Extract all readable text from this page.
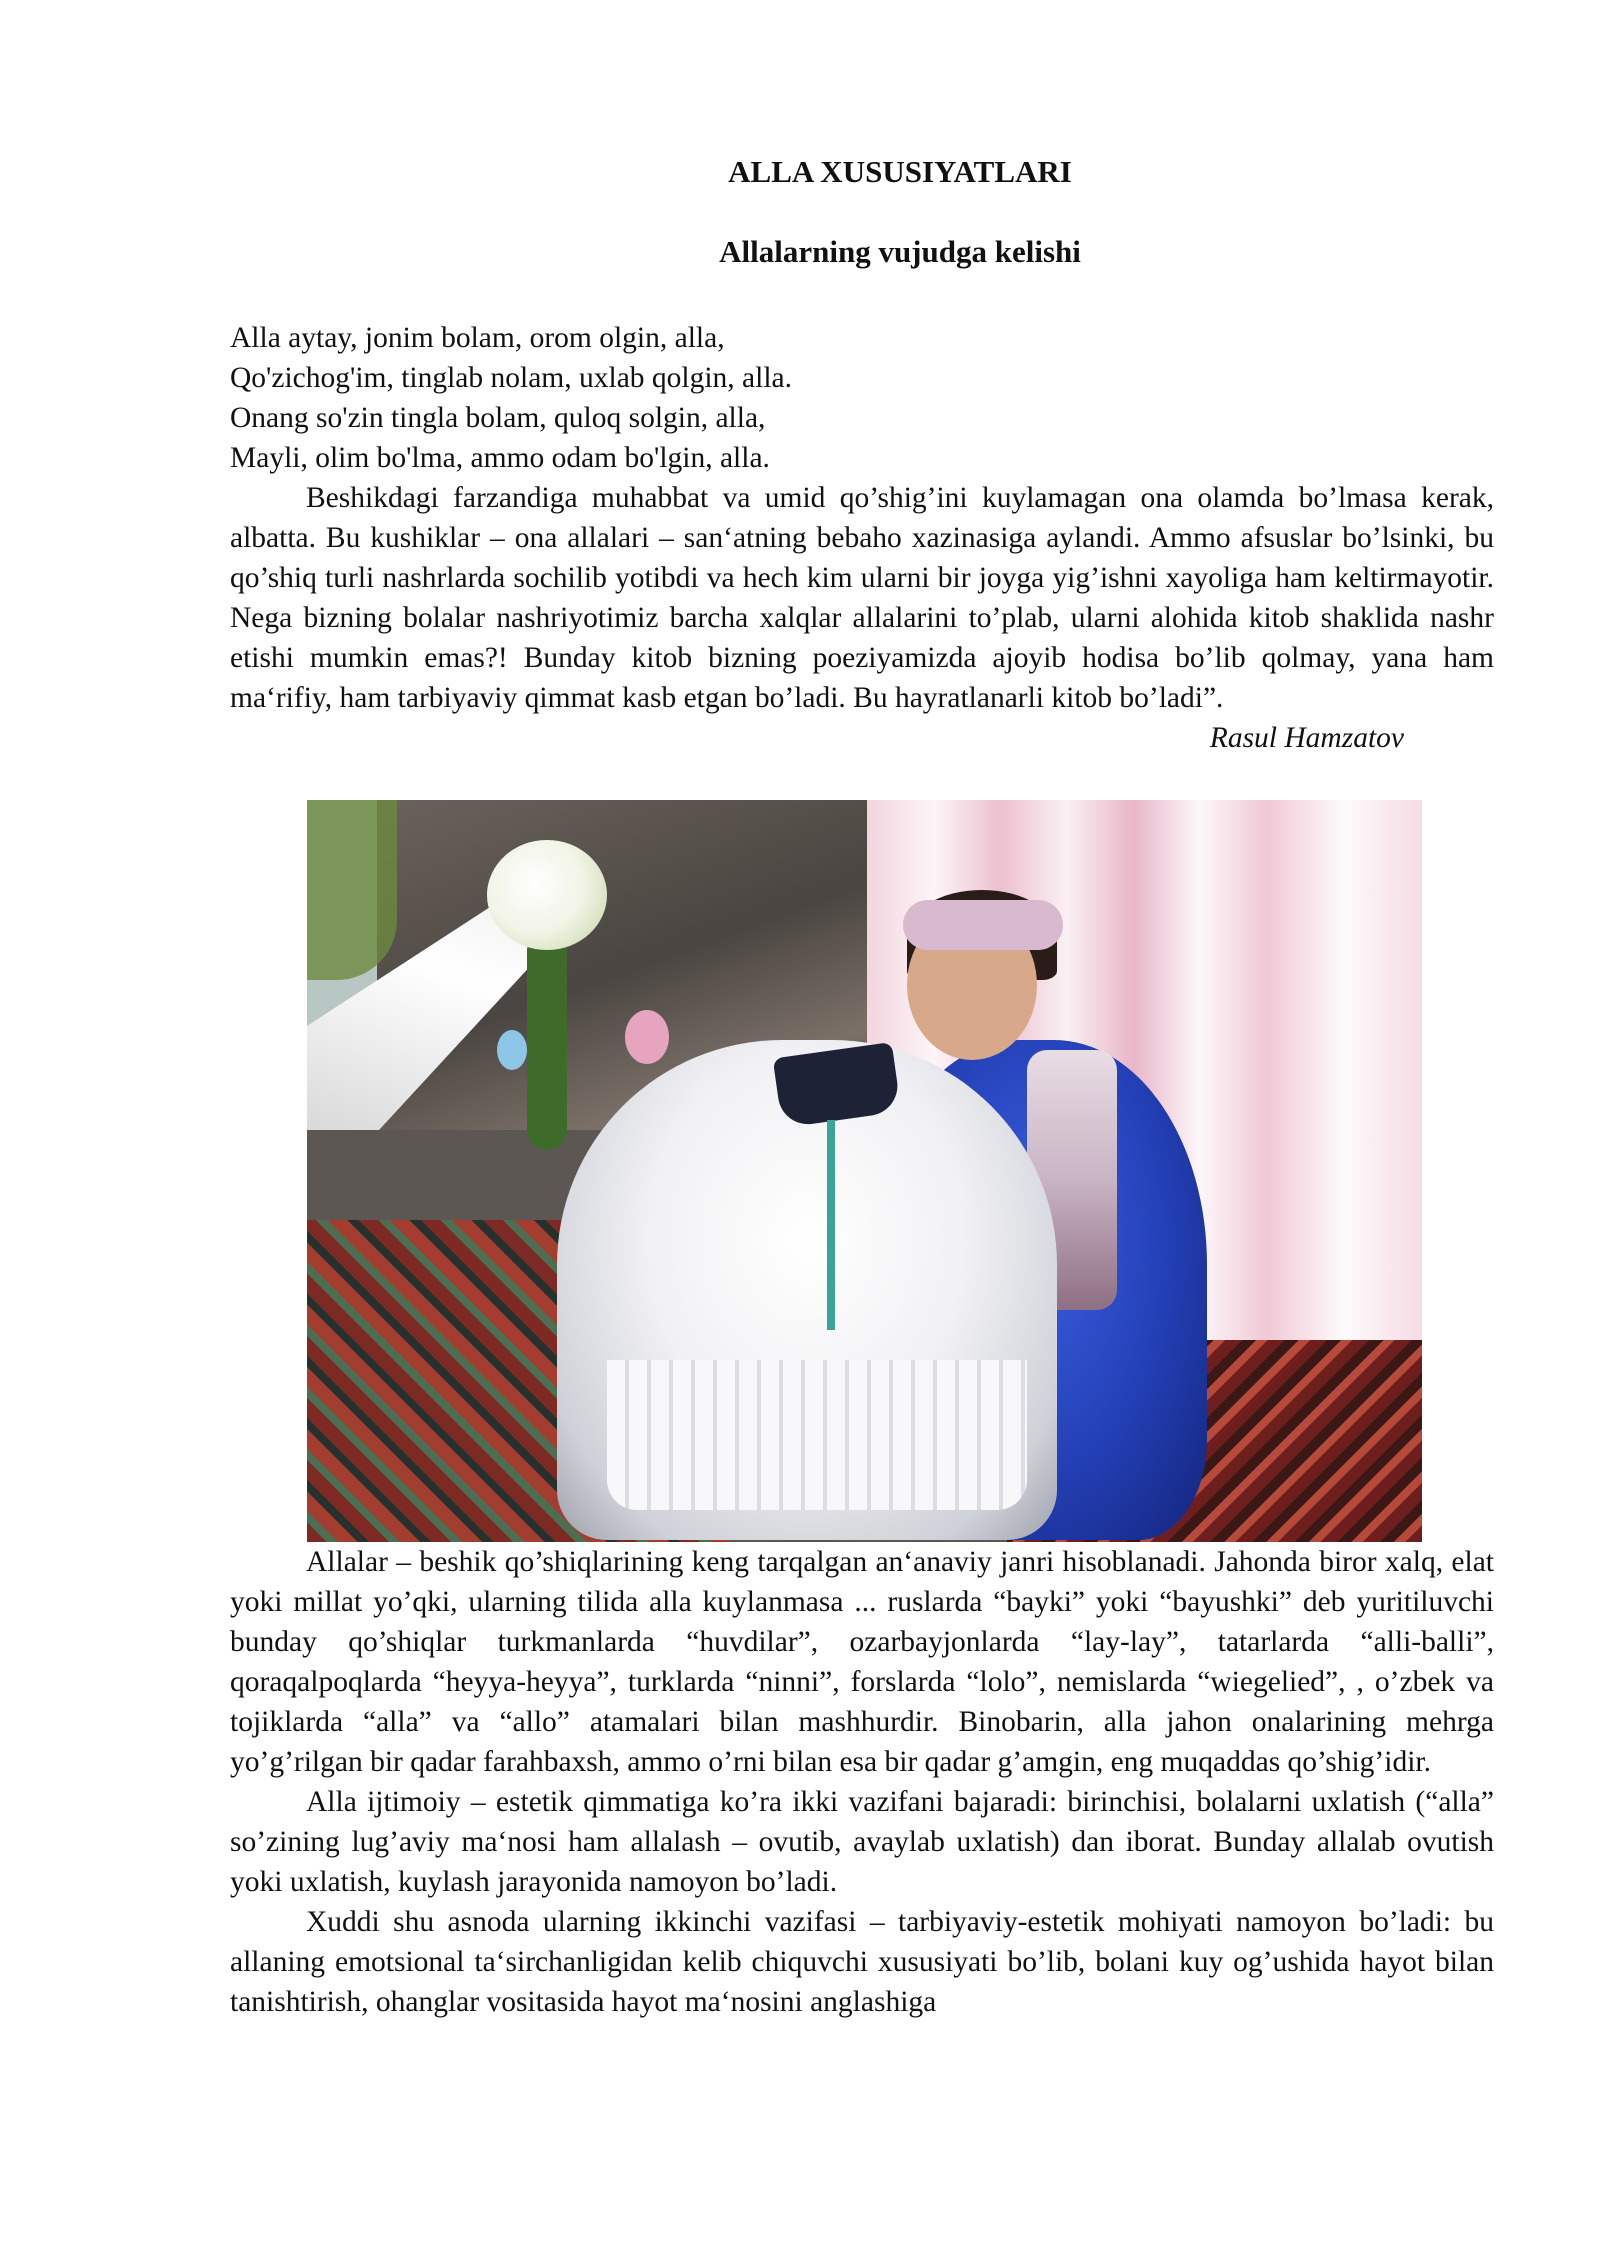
ALLA XUSUSIYATLARI
Allalarning vujudga kelishi
Alla aytay, jonim bolam, orom olgin, alla,
Qo'zichog'im, tinglab nolam, uxlab qolgin, alla.
Onang so'zin tingla bolam, quloq solgin, alla,
Mayli, olim bo'lma, ammo odam bo'lgin, alla.

Beshikdagi farzandiga muhabbat va umid qo’shig’ini kuylamagan ona olamda bo’lmasa kerak, albatta. Bu kushiklar – ona allalari – san‘atning bebaho xazinasiga aylandi. Ammo afsuslar bo’lsinki, bu qo’shiq turli nashrlarda sochilib yotibdi va hech kim ularni bir joyga yig’ishni xayoliga ham keltirmayotir. Nega bizning bolalar nashriyotimiz barcha xalqlar allalarini to’plab, ularni alohida kitob shaklida nashr etishi mumkin emas?! Bunday kitob bizning poeziyamizda ajoyib hodisa bo’lib qolmay, yana ham ma‘rifiy, ham tarbiyaviy qimmat kasb etgan bo’ladi. Bu hayratlanarli kitob bo’ladi”.

Rasul Hamzatov

Allalar – beshik qo’shiqlarining keng tarqalgan an‘anaviy janri hisoblanadi. Jahonda biror xalq, elat yoki millat yo’qki, ularning tilida alla kuylanmasa ... ruslarda “bayki” yoki “bayushki” deb yuritiluvchi bunday qo’shiqlar turkmanlarda “huvdilar”, ozarbayjonlarda “lay-lay”, tatarlarda “alli-balli”, qoraqalpoqlarda “heyya-heyya”, turklarda “ninni”, forslarda “lolo”, nemislarda “wiegelied”, , o’zbek va tojiklarda “alla” va “allo” atamalari bilan mashhurdir. Binobarin, alla jahon onalarining mehrga yo’g’rilgan bir qadar farahbaxsh, ammo o’rni bilan esa bir qadar g’amgin, eng muqaddas qo’shig’idir.

Alla ijtimoiy – estetik qimmatiga ko’ra ikki vazifani bajaradi: birinchisi, bolalarni uxlatish (“alla” so’zining lug’aviy ma‘nosi ham allalash – ovutib, avaylab uxlatish) dan iborat. Bunday allalab ovutish yoki uxlatish, kuylash jarayonida namoyon bo’ladi.

Xuddi shu asnoda ularning ikkinchi vazifasi – tarbiyaviy-estetik mohiyati namoyon bo’ladi: bu allaning emotsional ta‘sirchanligidan kelib chiquvchi xususiyati bo’lib, bolani kuy og’ushida hayot bilan tanishtirish, ohanglar vositasida hayot ma‘nosini anglashiga
